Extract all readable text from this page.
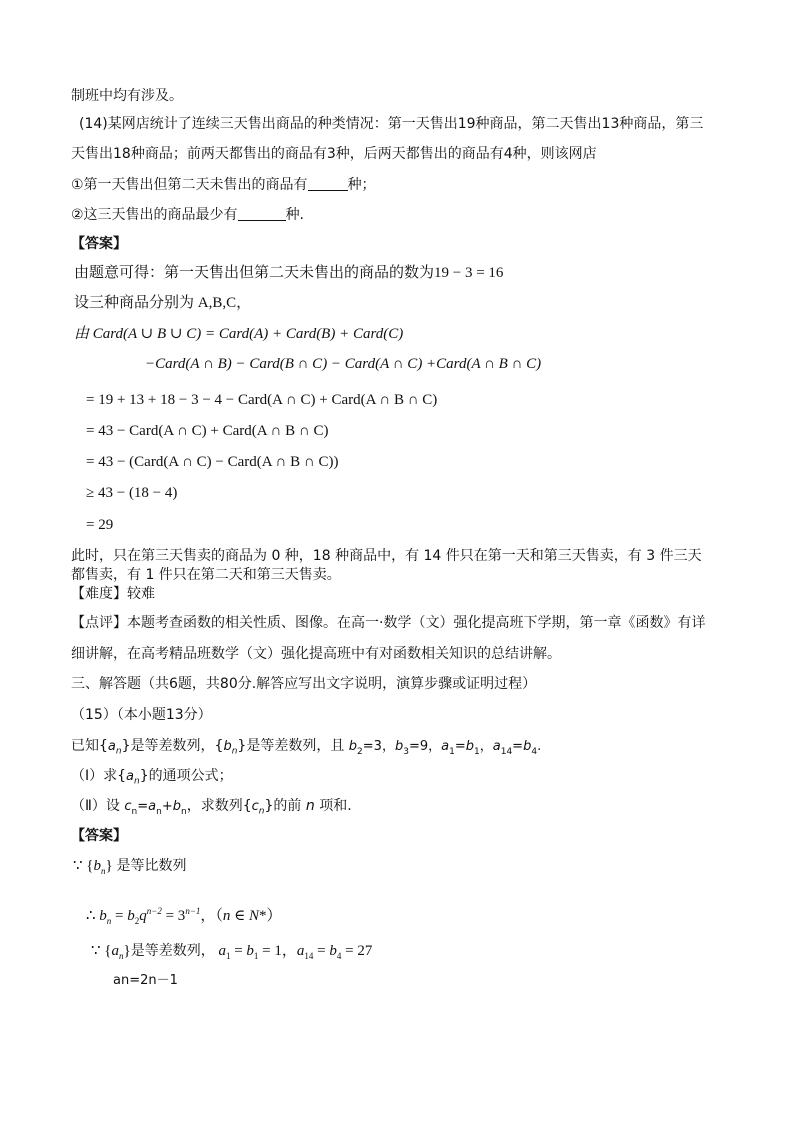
制班中均有涉及。
(14)某网店统计了连续三天售出商品的种类情况：第一天售出19种商品，第二天售出13种商品，第三
天售出18种商品；前两天都售出的商品有3种，后两天都售出的商品有4种，则该网店
①第一天售出但第二天未售出的商品有	种；
②这三天售出的商品最少有	种.
【答案】
由题意可得：第一天售出但第二天未售出的商品的数为19 − 3 = 16
设三种商品分别为 A,B,C，
由 Card(A ∪ B ∪ C) = Card(A) + Card(B) + Card(C)
−Card(A ∩ B) − Card(B ∩ C) − Card(A ∩ C) +Card(A ∩ B ∩ C)
= 19 + 13 + 18 − 3 − 4 − Card(A ∩ C) + Card(A ∩ B ∩ C)
= 43 − Card(A ∩ C) + Card(A ∩ B ∩ C)
= 43 − (Card(A ∩ C) − Card(A ∩ B ∩ C))
≥ 43 − (18 − 4)
= 29
此时，只在第三天售卖的商品为 0 种，18 种商品中，有 14 件只在第一天和第三天售卖，有 3 件三天
都售卖，有 1 件只在第二天和第三天售卖。
【难度】较难
【点评】本题考查函数的相关性质、图像。在高一·数学（文）强化提高班下学期，第一章《函数》有详
细讲解，在高考精品班数学（文）强化提高班中有对函数相关知识的总结讲解。
三、解答题（共6题，共80分.解答应写出文字说明，演算步骤或证明过程）
（15）（本小题13分）
已知$\{a_n\}$是等差数列，$\{b_n\}$是等差数列，且 $b_2=3$，$b_3=9$，$a_1=b_1$，$a_{14}=b_4$.
（Ⅰ）求$\{a_n\}$的通项公式；
（Ⅱ）设 $c_n=a_n+b_n$，求数列$\{c_n\}$的前 n 项和.
【答案】
∵ $\{b_n\}$ 是等比数列
∴ $b_n = b_2q^{n-2} = 3^{n-1}$，（n ∈ N*）
∵ $\{a_n\}$是等差数列， $a_1 = b_1 = 1$，$a_{14} = b_4 = 27$
an=2n－1
